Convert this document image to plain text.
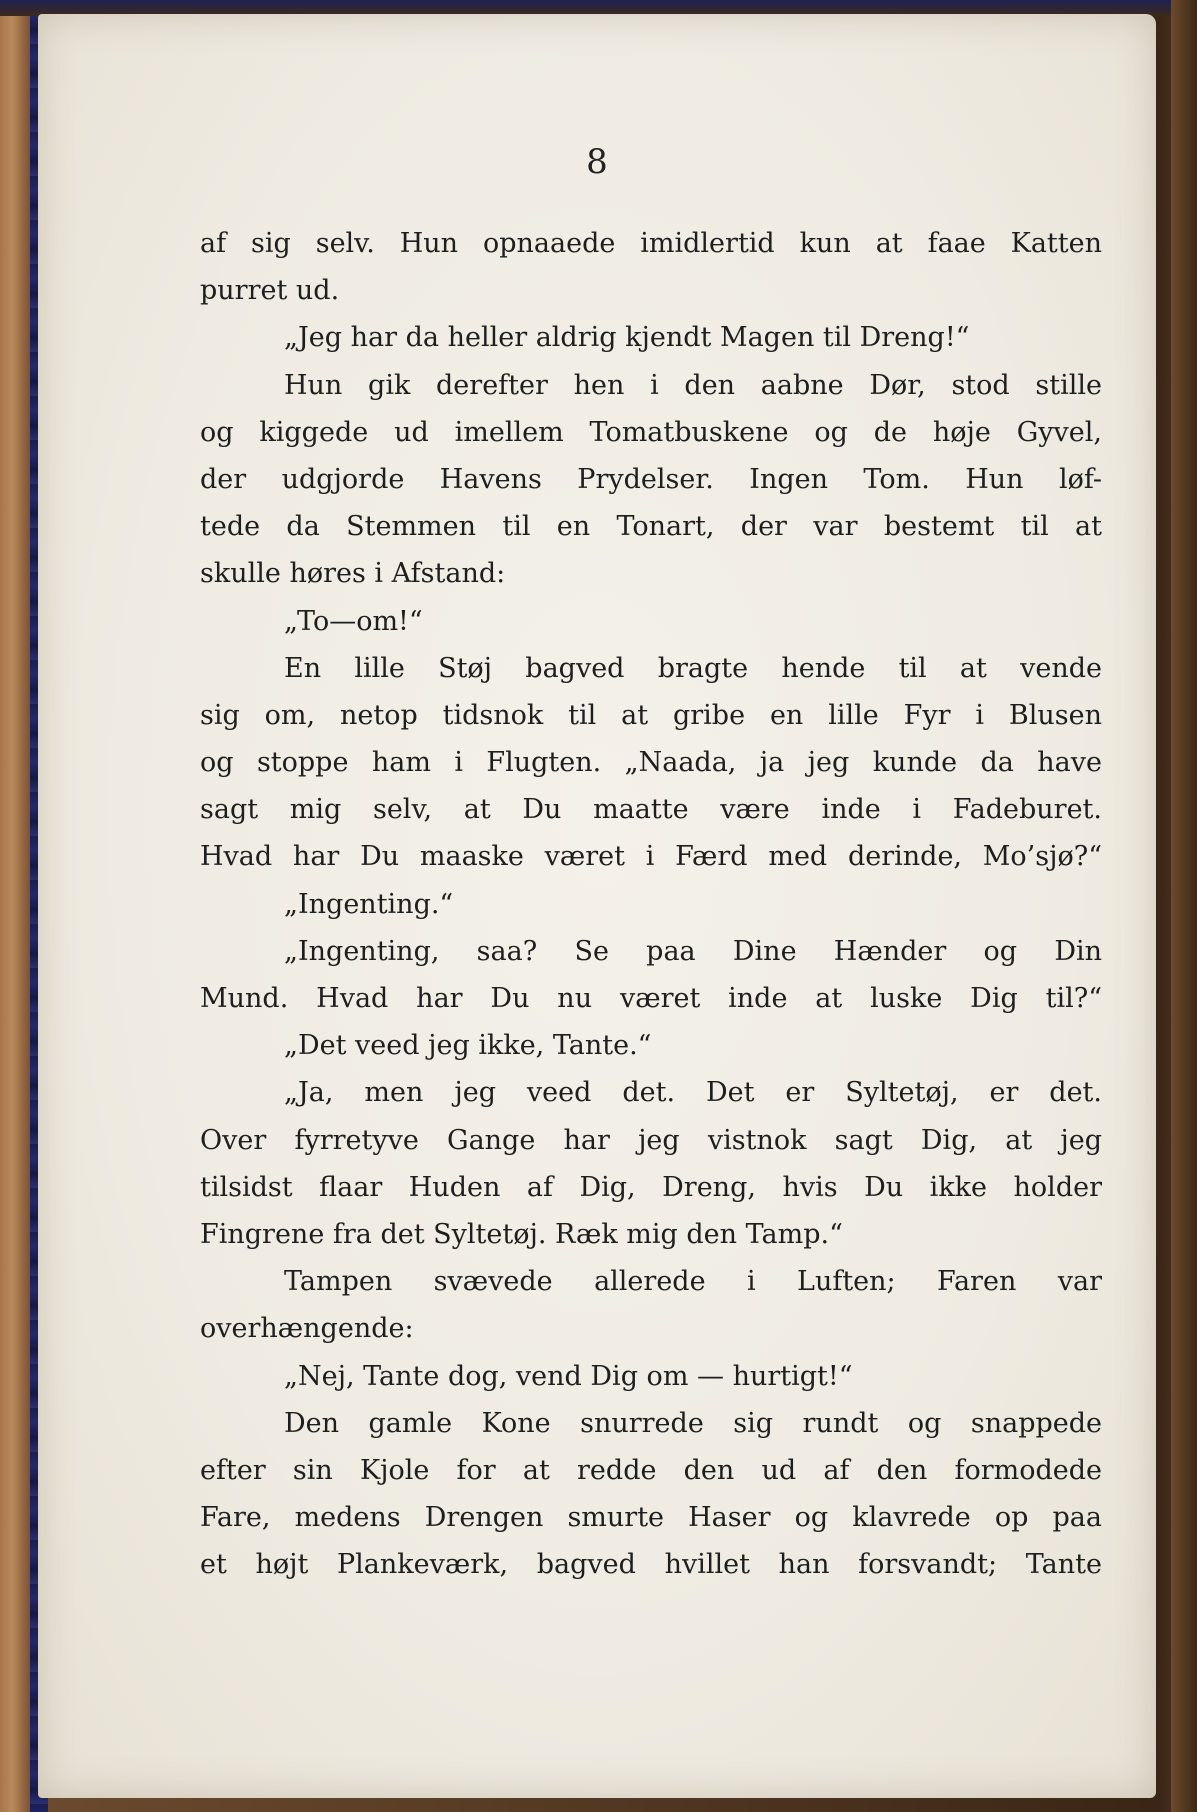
8
af sig selv. Hun opnaaede imidlertid kun at faae Katten
purret ud.
„Jeg har da heller aldrig kjendt Magen til Dreng!“
Hun gik derefter hen i den aabne Dør, stod stille
og kiggede ud imellem Tomatbuskene og de høje Gyvel,
der udgjorde Havens Prydelser. Ingen Tom. Hun løf-
tede da Stemmen til en Tonart, der var bestemt til at
skulle høres i Afstand:
„To—om!“
En lille Støj bagved bragte hende til at vende
sig om, netop tidsnok til at gribe en lille Fyr i Blusen
og stoppe ham i Flugten. „Naada, ja jeg kunde da have
sagt mig selv, at Du maatte være inde i Fadeburet.
Hvad har Du maaske været i Færd med derinde, Mo’sjø?“
„Ingenting.“
„Ingenting, saa? Se paa Dine Hænder og Din
Mund. Hvad har Du nu været inde at luske Dig til?“
„Det veed jeg ikke, Tante.“
„Ja, men jeg veed det. Det er Syltetøj, er det.
Over fyrretyve Gange har jeg vistnok sagt Dig, at jeg
tilsidst flaar Huden af Dig, Dreng, hvis Du ikke holder
Fingrene fra det Syltetøj. Ræk mig den Tamp.“
Tampen svævede allerede i Luften; Faren var
overhængende:
„Nej, Tante dog, vend Dig om — hurtigt!“
Den gamle Kone snurrede sig rundt og snappede
efter sin Kjole for at redde den ud af den formodede
Fare, medens Drengen smurte Haser og klavrede op paa
et højt Plankeværk, bagved hvillet han forsvandt; Tante
